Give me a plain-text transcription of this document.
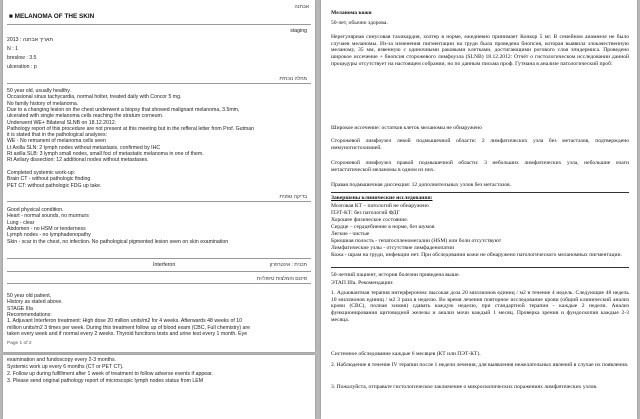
אבחנה
■ MELANOMA OF THE SKIN
staging
תאריך אבחנה : 2013
N : 1
breslow : 3.5
ulceration : p
מחלה נוכחית
50 year old, usually healthy.
Occasional sinus tachycardia, normal holter, treated daily with Concor 5 mg.
No family history of melanoma.
Due to a changing lesion on the chest underwent a biopsy that showed malignant melanoma, 3.5mm,
ulcerated with single melanoma cells reaching the stratum corneum.
Underwent WE+ Bilateral SLNB on 18.12.2012.
Pathology report of this procedure are not present at this meeting but in the refferal letter from Prof. Gutman
it is stated that in the pathological analyses:
WE - No remanent of melanoma cells seen
Lt Axilla SLN: 2 lymph nodes without metastasis, confirmed by IHC
Rt axilla SLB: 3 lymph small nodes, small foci of metastatic melanoma in one of them.
Rt Axilary dissection: 12 additional nodes without metastases.
Completed systemic work-up:
Brain CT - without pathologic finding
PET CT: without pathologic FDG up take.
בדיקה גופנית
Good physical condition.
Heart - normal sounds, no murmurs
Lung - clear
Abdomen - no HSM or tenderness
Lymph nodes - no lymphadenopathy
Skin - scar in the chest, no infection. No pathological pigmented lesion seen on skin examination
Interferon	תכנית : אינטרפרון
סיכום והמלצות טיפוליות
50 year old patient,
History as stated above.
STAGE IIIa
Recommendations:
1. Adjuvant Interferon treatment: High dose 20 million units/m2 for 4 weeks. Afterwards 48 weeks of 10
million units/m2 3 times per week. During this treatment follow up of blood exam (CBC, Full chemistry) are
taken every week and if normal every 2 weeks. Thyroid functions tests and urine test every 1 month. Eye
Page 1 of 2
examination and fundoscopy every 2-3 months.
Systemic work up every 6 months (CT or PET CT).
2. Follow up during fulfillment after 1 week of treatment to follow adverse events if appear.
3. Please send original pathology report of microscopic lymph nodes status from LEM
Меланома кожи
50-лет, обычно здорова.
Нерегулярная синусовая тахикардия, холтер в норме, ежедневно принимает Конкор 5 мг. В семейном анамнезе не было случаев меланомы. Из-за изменения пигментации на груди была проведена биопсия, которая выявила злокачественную меланому, 35 мм, язвенную с одиночными раковыми клетками, достигающими рогового слоя эпидермиса. Проведено широкое иссечение + биопсия сторожевого лимфоузла (SLNB) 18.12.2012: Отчёт о гистологическом исследовании данной процедуры отсутствует на настоящем собрании, но по данным письма проф. Гутмана в анализе патологический проб:
Широкое иссечение: остатков клеток меланомы не обнаружено
Сторожевой лимфоузел левой подмышечной области: 2 лимфатических узла без метастазов, подтверждено иммуногистохимией.
Сторожевой лимфоузел правой подмышечной области: 3 небольших лимфатических узла, небольшие очаги метастатической меланомы в одном из них.
Правая подмышечная диссекция: 12 дополнительных узлов без метастазов.
Завершены клинические исследования:
Мозговая КТ – патологий не обнаружено
ПЭТ-КТ: без патологий ФДГ
Хорошее физическое состояние.
Сердце – сердцебиение в норме, без шумов
Легкие - чистые
Брюшная полость - гепатоспленомегалии (HSM) или боли отсутствуют
Лимфатические узлы - отсутствие лимфаденопатии
Кожа - шрам на груди, инфекции нет. При обследовании кожи не обнаружено патологического меланомных пигментации.
50-летний пациент, история болезни приведена выше.
ЭТАП IIIa. Рекомендации:
1. Адъювантная терапия интерфероном: высокая доза 20 миллионов единиц / м2 в течение 4 недель. Следующие 48 недель 10 миллионов единиц / м2 3 раза в неделю. Во время лечения повторное исследование крови (общий клинический анализ крови (CBC), полная химия) сдавать каждую неделю, при стандартной терапии - каждые 2 недели. Анализ функционирования щитовидной железы и анализ мочи каждый 1 месяц. Проверка зрения и фундоскопия каждые 2-3 месяца.
Системное обследование каждые 6 месяцев (КТ или ПЭТ-КТ).
2. Наблюдение в течение IV терапии после 1 недели лечения, для выявления нежелательных явлений в случае их появления.
3. Пожалуйста, отправьте гистологическое заключение о микроскопических поражениях лимфатических узлов.
